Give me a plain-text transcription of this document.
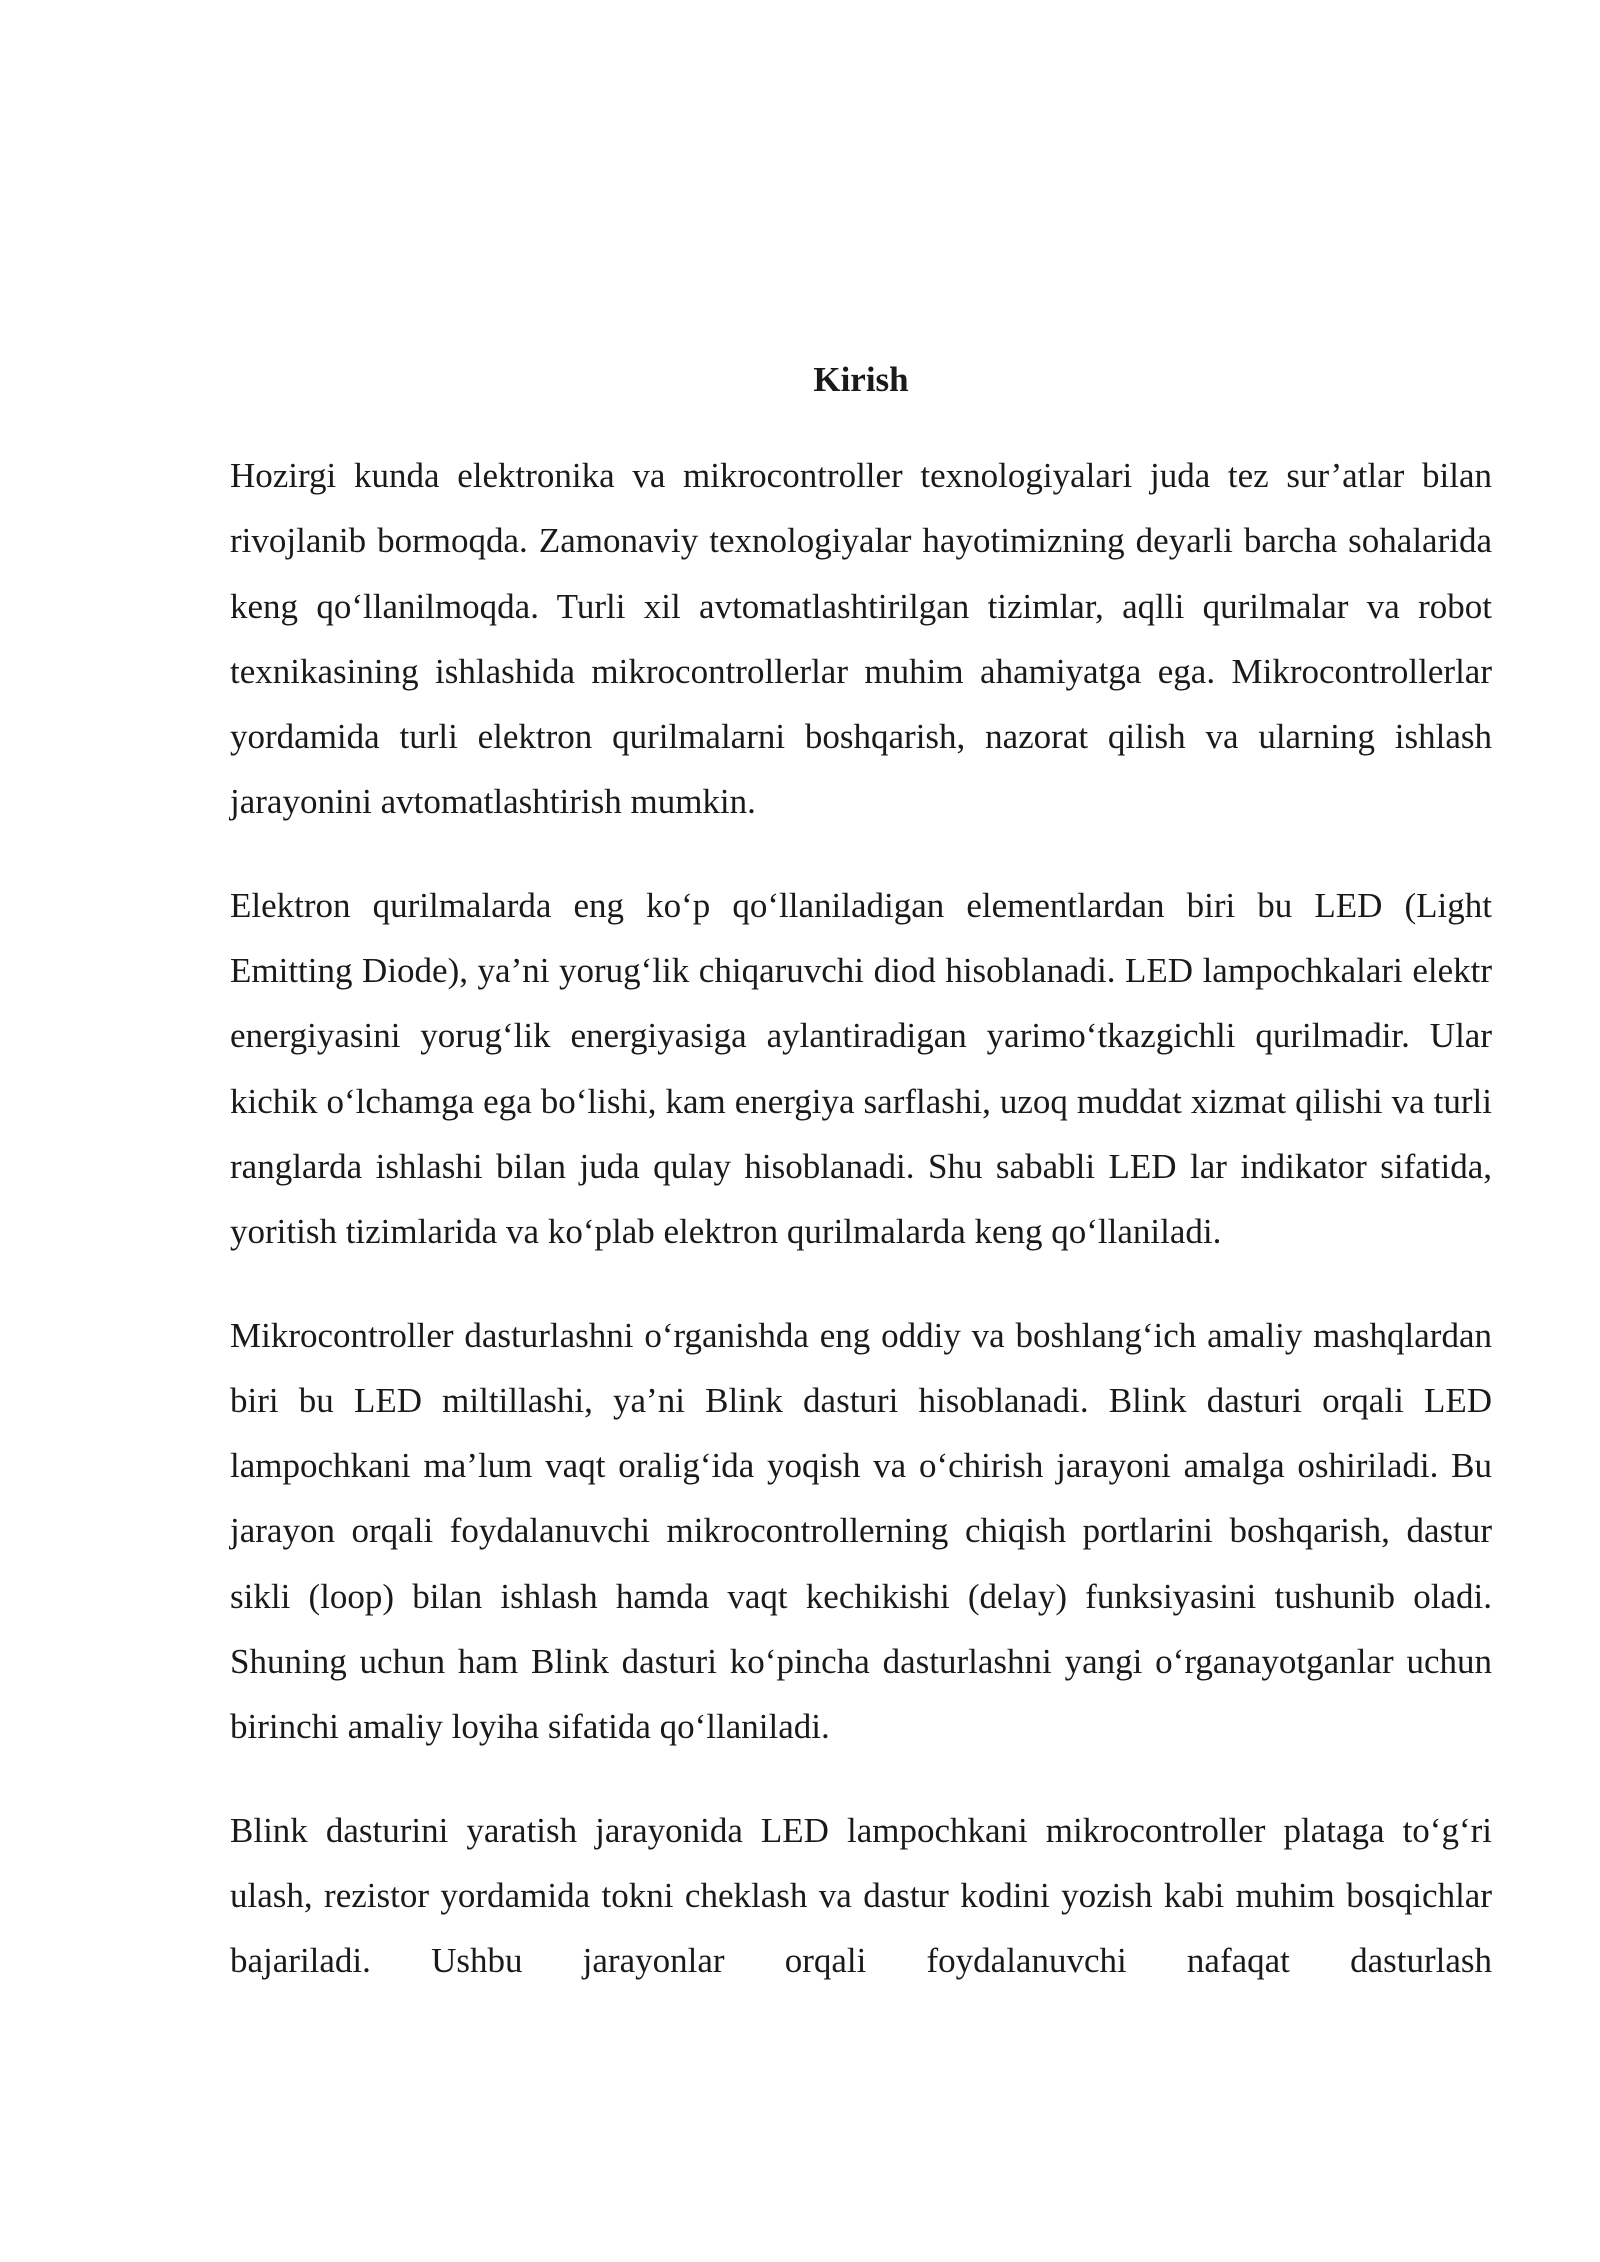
Kirish

Hozirgi kunda elektronika va mikrocontroller texnologiyalari juda tez sur’atlar bilan rivojlanib bormoqda. Zamonaviy texnologiyalar hayotimizning deyarli barcha sohalarida keng qo‘llanilmoqda. Turli xil avtomatlashtirilgan tizimlar, aqlli qurilmalar va robot texnikasining ishlashida mikrocontrollerlar muhim ahamiyatga ega. Mikrocontrollerlar yordamida turli elektron qurilmalarni boshqarish, nazorat qilish va ularning ishlash jarayonini avtomatlashtirish mumkin.

Elektron qurilmalarda eng ko‘p qo‘llaniladigan elementlardan biri bu LED (Light Emitting Diode), ya’ni yorug‘lik chiqaruvchi diod hisoblanadi. LED lampochkalari elektr energiyasini yorug‘lik energiyasiga aylantiradigan yarimo‘tkazgichli qurilmadir. Ular kichik o‘lchamga ega bo‘lishi, kam energiya sarflashi, uzoq muddat xizmat qilishi va turli ranglarda ishlashi bilan juda qulay hisoblanadi. Shu sababli LED lar indikator sifatida, yoritish tizimlarida va ko‘plab elektron qurilmalarda keng qo‘llaniladi.

Mikrocontroller dasturlashni o‘rganishda eng oddiy va boshlang‘ich amaliy mashqlardan biri bu LED miltillashi, ya’ni Blink dasturi hisoblanadi. Blink dasturi orqali LED lampochkani ma’lum vaqt oralig‘ida yoqish va o‘chirish jarayoni amalga oshiriladi. Bu jarayon orqali foydalanuvchi mikrocontrollerning chiqish portlarini boshqarish, dastur sikli (loop) bilan ishlash hamda vaqt kechikishi (delay) funksiyasini tushunib oladi. Shuning uchun ham Blink dasturi ko‘pincha dasturlashni yangi o‘rganayotganlar uchun birinchi amaliy loyiha sifatida qo‘llaniladi.

Blink dasturini yaratish jarayonida LED lampochkani mikrocontroller plataga to‘g‘ri ulash, rezistor yordamida tokni cheklash va dastur kodini yozish kabi muhim bosqichlar bajariladi. Ushbu jarayonlar orqali foydalanuvchi nafaqat dasturlash
